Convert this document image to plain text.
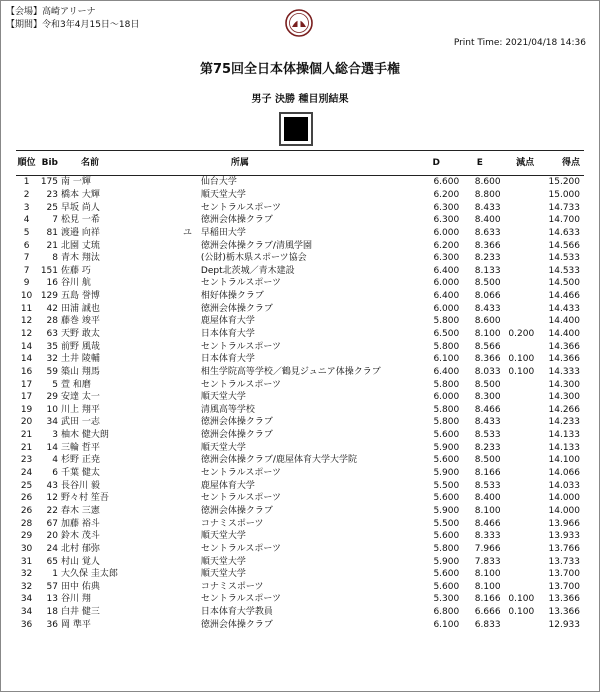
【会場】高崎アリーナ
【期間】令和3年4月15日～18日
Print Time: 2021/04/18 14:36
第75回全日本体操個人総合選手権
男子 決勝 種目別結果
順位	Bib	名前		所属	D	E	減点	得点
1	175	南 一輝		仙台大学	6.600	8.600		15.200
2	23	橋本 大輝		順天堂大学	6.200	8.800		15.000
3	25	早坂 尚人		セントラルスポーツ	6.300	8.433		14.733
4	7	松見 一希		徳洲会体操クラブ	6.300	8.400		14.700
5	81	渡邉 向祥	ユ	早稲田大学	6.000	8.633		14.633
6	21	北園 丈琉		徳洲会体操クラブ/清風学園	6.200	8.366		14.566
7	8	青木 翔汰		(公財)栃木県スポーツ協会	6.300	8.233		14.533
7	151	佐藤 巧		Dept北茨城／青木建設	6.400	8.133		14.533
9	16	谷川 航		セントラルスポーツ	6.000	8.500		14.500
10	129	五島 誉博		相好体操クラブ	6.400	8.066		14.466
11	42	田浦 誠也		徳洲会体操クラブ	6.000	8.433		14.433
12	28	藤巻 竣平		鹿屋体育大学	5.800	8.600		14.400
12	63	天野 敢太		日本体育大学	6.500	8.100	0.200	14.400
14	35	前野 風哉		セントラルスポーツ	5.800	8.566		14.366
14	32	土井 陵輔		日本体育大学	6.100	8.366	0.100	14.366
16	59	築山 翔馬		相生学院高等学校／鶴見ジュニア体操クラブ	6.400	8.033	0.100	14.333
17	5	萱 和磨		セントラルスポーツ	5.800	8.500		14.300
17	29	安達 太一		順天堂大学	6.000	8.300		14.300
19	10	川上 翔平		清風高等学校	5.800	8.466		14.266
20	34	武田 一志		徳洲会体操クラブ	5.800	8.433		14.233
21	3	柚木 健大朗		徳洲会体操クラブ	5.600	8.533		14.133
21	14	三輪 哲平		順天堂大学	5.900	8.233		14.133
23	4	杉野 正尭		徳洲会体操クラブ/鹿屋体育大学大学院	5.600	8.500		14.100
24	6	千葉 健太		セントラルスポーツ	5.900	8.166		14.066
25	43	長谷川 毅		鹿屋体育大学	5.500	8.533		14.033
26	12	野々村 笙吾		セントラルスポーツ	5.600	8.400		14.000
26	22	春木 三憲		徳洲会体操クラブ	5.900	8.100		14.000
28	67	加藤 裕斗		コナミスポーツ	5.500	8.466		13.966
29	20	鈴木 茂斗		順天堂大学	5.600	8.333		13.933
30	24	北村 郁弥		セントラルスポーツ	5.800	7.966		13.766
31	65	村山 覚人		順天堂大学	5.900	7.833		13.733
32	1	大久保 圭太郎		順天堂大学	5.600	8.100		13.700
32	57	田中 佑典		コナミスポーツ	5.600	8.100		13.700
34	13	谷川 翔		セントラルスポーツ	5.300	8.166	0.100	13.366
34	18	白井 健三		日本体育大学教員	6.800	6.666	0.100	13.366
36	36	岡 準平		徳洲会体操クラブ	6.100	6.833		12.933
